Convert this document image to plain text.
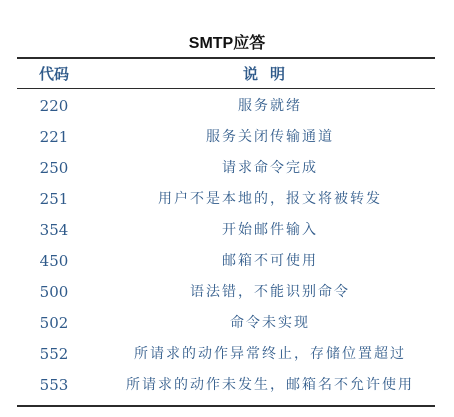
SMTP应答
代码	说明
220	服务就绪
221	服务关闭传输通道
250	请求命令完成
251	用户不是本地的，报文将被转发
354	开始邮件输入
450	邮箱不可使用
500	语法错，不能识别命令
502	命令未实现
552	所请求的动作异常终止，存储位置超过
553	所请求的动作未发生，邮箱名不允许使用
